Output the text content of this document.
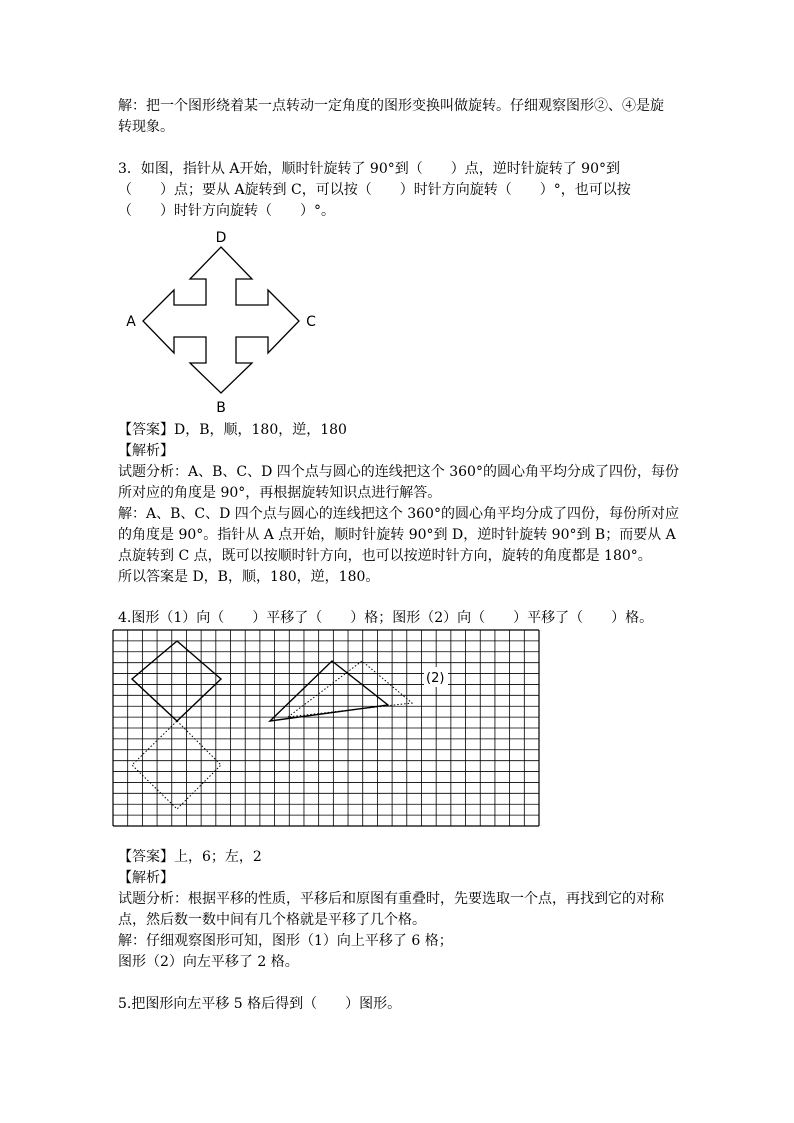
解：把一个图形绕着某一点转动一定角度的图形变换叫做旋转。仔细观察图形②、④是旋
转现象。
3．如图，指针从 A开始，顺时针旋转了 90°到（　　）点，逆时针旋转了 90°到
（　　）点；要从 A旋转到 C，可以按（　　）时针方向旋转（　　）°，也可以按
（　　）时针方向旋转（　　）°。
D
A	C
B
【答案】D，B，顺，180，逆，180
【解析】
试题分析：A、B、C、D 四个点与圆心的连线把这个 360°的圆心角平均分成了四份，每份
所对应的角度是 90°，再根据旋转知识点进行解答。
解：A、B、C、D 四个点与圆心的连线把这个 360°的圆心角平均分成了四份，每份所对应
的角度是 90°。指针从 A 点开始，顺时针旋转 90°到 D，逆时针旋转 90°到 B；而要从 A
点旋转到 C 点，既可以按顺时针方向，也可以按逆时针方向，旋转的角度都是 180°。
所以答案是 D，B，顺，180，逆，180。
4.图形（1）向（　　）平移了（　　）格；图形（2）向（　　）平移了（　　）格。
(2)
【答案】上，6；左，2
【解析】
试题分析：根据平移的性质，平移后和原图有重叠时，先要选取一个点，再找到它的对称
点，然后数一数中间有几个格就是平移了几个格。
解：仔细观察图形可知，图形（1）向上平移了 6 格；
图形（2）向左平移了 2 格。
5.把图形向左平移 5 格后得到（　　）图形。
